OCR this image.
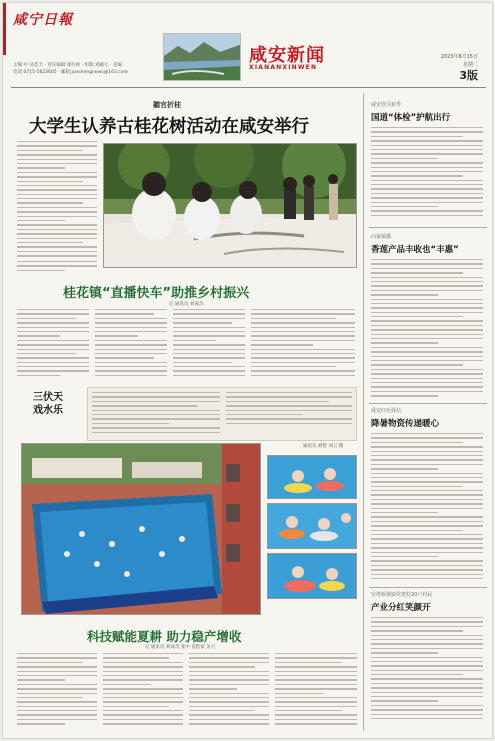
咸宁日報
主编:中 丛佳丰 · 责任编辑:张红师 · 组版:刘颖元 · 美编
电话:0715-5823605 · 邮箱:junshengnews@163.com
咸安新闻
XIANANXINWEN
2023年8月15日
星期二
3版
聽官折桂
大学生认养古桂花树活动在咸安举行
桂花镇“直播快车”助推乡村振兴
记 通讯员 刘成奇
三伏天
戏水乐
通讯员 胡智 刘云 摄
科技赋能夏耕 助力稳产增收
记 通讯员 刘成奇 张中 袁程家 见习
咸安创卫新季
国道“体检”护航出行
向家镇播
香莲产品丰收也“丰惠”
咸安红色驿站
降暑物资传递暖心
宫塔桥镇镇党建村20户村民
产业分红笑颜开
